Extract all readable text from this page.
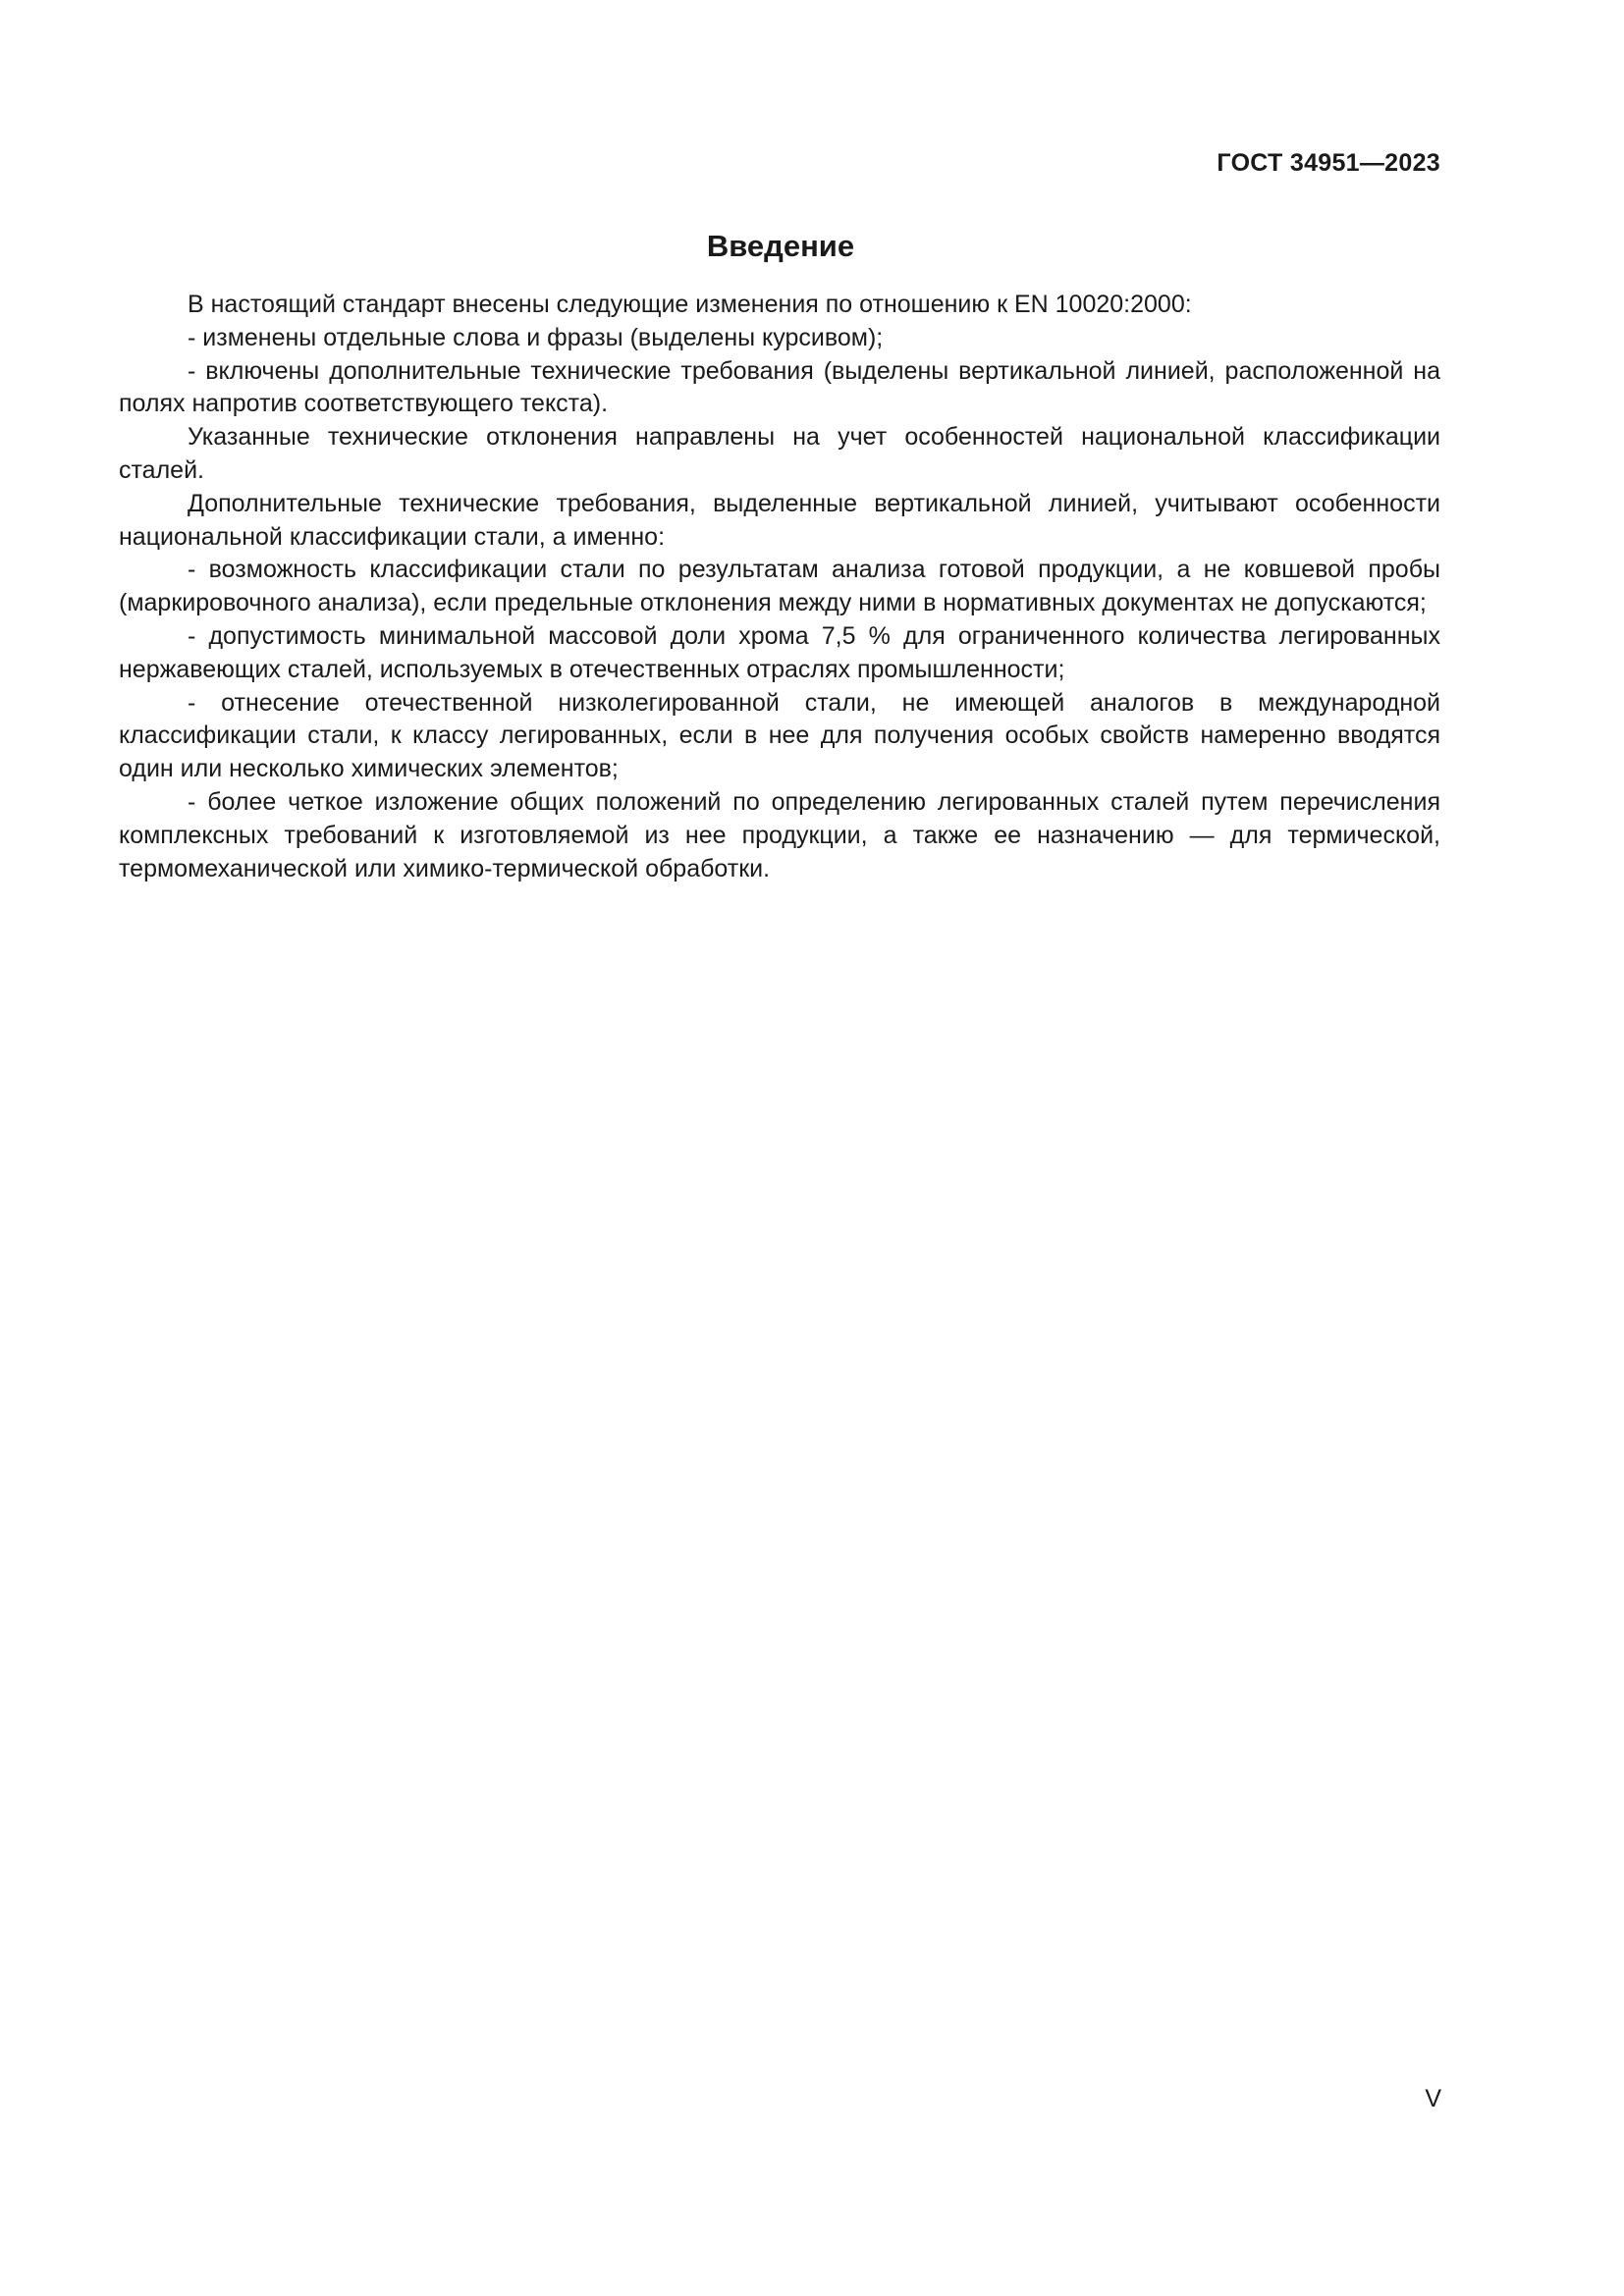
ГОСТ 34951—2023
Введение

В настоящий стандарт внесены следующие изменения по отношению к EN 10020:2000:

- изменены отдельные слова и фразы (выделены курсивом);

- включены дополнительные технические требования (выделены вертикальной линией, расположенной на полях напротив соответствующего текста).

Указанные технические отклонения направлены на учет особенностей национальной классификации сталей.

Дополнительные технические требования, выделенные вертикальной линией, учитывают особенности национальной классификации стали, а именно:

- возможность классификации стали по результатам анализа готовой продукции, а не ковшевой пробы (маркировочного анализа), если предельные отклонения между ними в нормативных документах не допускаются;

- допустимость минимальной массовой доли хрома 7,5 % для ограниченного количества легированных нержавеющих сталей, используемых в отечественных отраслях промышленности;

- отнесение отечественной низколегированной стали, не имеющей аналогов в международной классификации стали, к классу легированных, если в нее для получения особых свойств намеренно вводятся один или несколько химических элементов;

- более четкое изложение общих положений по определению легированных сталей путем перечисления комплексных требований к изготовляемой из нее продукции, а также ее назначению — для термической, термомеханической или химико-термической обработки.

V
